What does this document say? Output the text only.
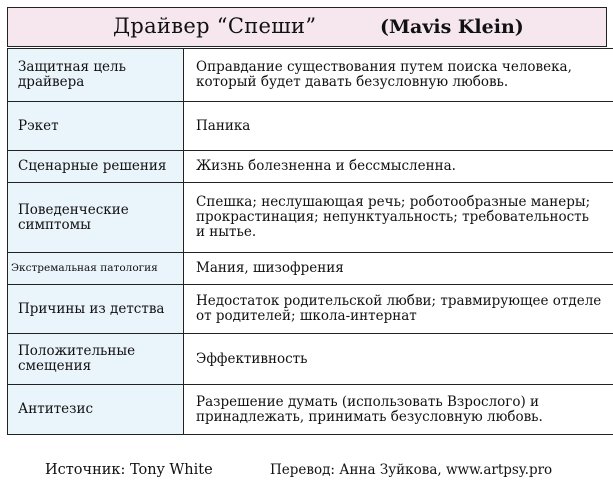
Драйвер “Спеши”	(Mavis Klein)
Защитная цель драйвера	Оправдание существования путем поиска человека,
который будет давать безусловную любовь.

Рэкет	Паника

Сценарные решения	Жизнь болезненна и бессмысленна.

Поведенческие симптомы	Спешка; неслушающая речь; роботообразные манеры;
прокрастинация; непунктуальность; требовательность
и нытье.

Экстремальная патология	Мания, шизофрения

Причины из детства	Недостаток родительской любви; травмирующее отделе
от родителей; школа-интернат

Положительные смещения	Эффективность

Антитезис	Разрешение думать (использовать Взрослого) и
принадлежать, принимать безусловную любовь.
Источник: Tony White	Перевод: Анна Зуйкова, www.artpsy.pro
